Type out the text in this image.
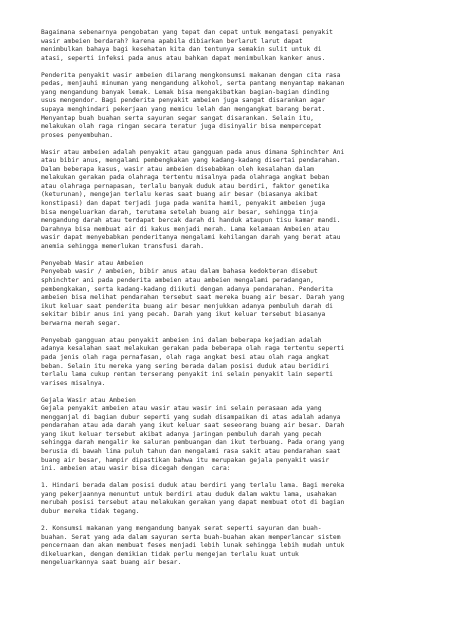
Bagaimana sebenarnya pengobatan yang tepat dan cepat untuk mengatasi penyakit
wasir ambeien berdarah? karena apabila dibiarkan berlarut larut dapat
menimbulkan bahaya bagi kesehatan kita dan tentunya semakin sulit untuk di
atasi, seperti infeksi pada anus atau bahkan dapat menimbulkan kanker anus.
Penderita penyakit wasir ambeien dilarang mengkonsumsi makanan dengan cita rasa
pedas, menjauhi minuman yang mengandung alkohol, serta pantang menyantap makanan
yang mengandung banyak lemak. Lemak bisa mengakibatkan bagian-bagian dinding
usus mengendor. Bagi penderita penyakit ambeien juga sangat disarankan agar
supaya menghindari pekerjaan yang memicu lelah dan mengangkat barang berat.
Menyantap buah buahan serta sayuran segar sangat disarankan. Selain itu,
melakukan olah raga ringan secara teratur juga disinyalir bisa mempercepat
proses penyembuhan.
Wasir atau ambeien adalah penyakit atau gangguan pada anus dimana Sphinchter Ani
atau bibir anus, mengalami pembengkakan yang kadang-kadang disertai pendarahan.
Dalam beberapa kasus, wasir atau ambeien disebabkan oleh kesalahan dalam
melakukan gerakan pada olahraga tertentu misalnya pada olahraga angkat beban
atau olahraga pernapasan, terlalu banyak duduk atau berdiri, faktor genetika
(keturunan), mengejan terlalu keras saat buang air besar (biasanya akibat
konstipasi) dan dapat terjadi juga pada wanita hamil, penyakit ambeien juga
bisa mengeluarkan darah, terutama setelah buang air besar, sehingga tinja
mengandung darah atau terdapat bercak darah di handuk ataupun tisu kamar mandi.
Darahnya bisa membuat air di kakus menjadi merah. Lama kelamaan Ambeien atau
wasir dapat menyebabkan penderitanya mengalami kehilangan darah yang berat atau
anemia sehingga memerlukan transfusi darah.
Penyebab Wasir atau Ambeien
Penyebab wasir / ambeien, bibir anus atau dalam bahasa kedokteran disebut
sphinchter ani pada penderita ambeien atau ambeien mengalami peradangan,
pembengkakan, serta kadang-kadang diikuti dengan adanya pendarahan. Penderita
ambeien bisa melihat pendarahan tersebut saat mereka buang air besar. Darah yang
ikut keluar saat penderita buang air besar menjukkan adanya pembuluh darah di
sekitar bibir anus ini yang pecah. Darah yang ikut keluar tersebut biasanya
berwarna merah segar.
Penyebab gangguan atau penyakit ambeien ini dalam beberapa kejadian adalah
adanya kesalahan saat melakukan gerakan pada beberapa olah raga tertentu seperti
pada jenis olah raga pernafasan, olah raga angkat besi atau olah raga angkat
beban. Selain itu mereka yang sering berada dalam posisi duduk atau beridiri
terlalu lama cukup rentan terserang penyakit ini selain penyakit lain seperti
varises misalnya.
Gejala Wasir atau Ambeien
Gejala penyakit ambeien atau wasir atau wasir ini selain perasaan ada yang
mengganjal di bagian dubur seperti yang sudah disampaikan di atas adalah adanya
pendarahan atau ada darah yang ikut keluar saat seseorang buang air besar. Darah
yang ikut keluar tersebut akibat adanya jaringan pembuluh darah yang pecah
sehingga darah mengalir ke saluran pembuangan dan ikut terbuang. Pada orang yang
berusia di bawah lima puluh tahun dan mengalami rasa sakit atau pendarahan saat
buang air besar, hampir dipastikan bahwa itu merupakan gejala penyakit wasir
ini. ambeien atau wasir bisa dicegah dengan  cara:
1. Hindari berada dalam posisi duduk atau berdiri yang terlalu lama. Bagi mereka
yang pekerjaannya menuntut untuk berdiri atau duduk dalam waktu lama, usahakan
merubah posisi tersebut atau melakukan gerakan yang dapat membuat otot di bagian
dubur mereka tidak tegang.
2. Konsumsi makanan yang mengandung banyak serat seperti sayuran dan buah-
buahan. Serat yang ada dalam sayuran serta buah-buahan akan memperlancar sistem
pencernaan dan akan membuat feses menjadi lebih lunak sehingga lebih mudah untuk
dikeluarkan, dengan demikian tidak perlu mengejan terlalu kuat untuk
mengeluarkannya saat buang air besar.
